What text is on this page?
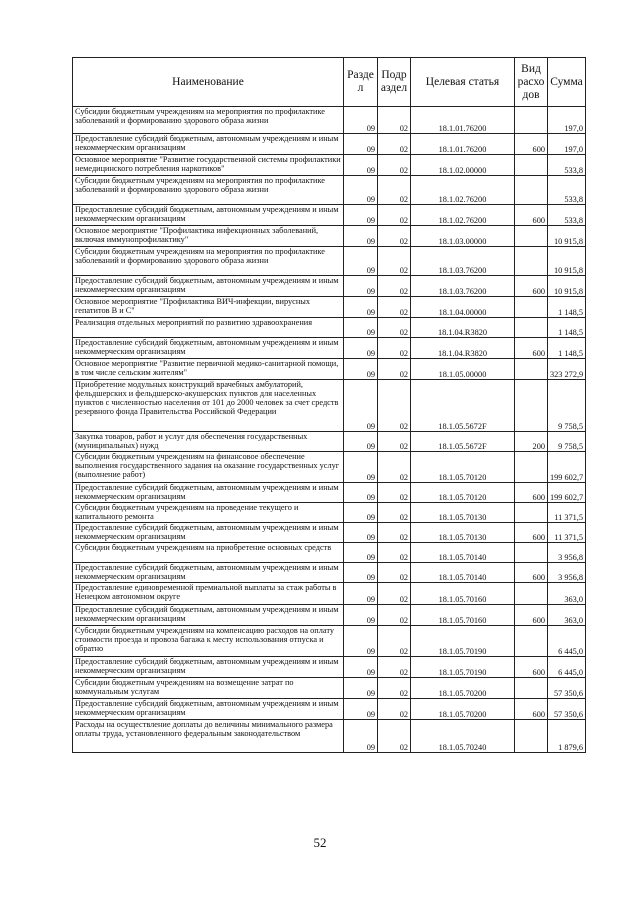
Наименование	Разде л	Подр аздел	Целевая статья	Вид расхо дов	Сумма
Субсидии бюджетным учреждениям на мероприятия по профилактике заболеваний и формированию здорового образа жизни	09	02	18.1.01.76200		197,0
Предоставление субсидий бюджетным, автономным учреждениям и иным некоммерческим организациям	09	02	18.1.01.76200	600	197,0
Основное мероприятие "Развитие государственной системы профилактики немедицинского потребления наркотиков"	09	02	18.1.02.00000		533,8
Субсидии бюджетным учреждениям на мероприятия по профилактике заболеваний и формированию здорового образа жизни	09	02	18.1.02.76200		533,8
Предоставление субсидий бюджетным, автономным учреждениям и иным некоммерческим организациям	09	02	18.1.02.76200	600	533,8
Основное мероприятие "Профилактика инфекционных заболеваний, включая иммунопрофилактику"	09	02	18.1.03.00000		10 915,8
Субсидии бюджетным учреждениям на мероприятия по профилактике заболеваний и формированию здорового образа жизни	09	02	18.1.03.76200		10 915,8
Предоставление субсидий бюджетным, автономным учреждениям и иным некоммерческим организациям	09	02	18.1.03.76200	600	10 915,8
Основное мероприятие "Профилактика ВИЧ-инфекции, вирусных гепатитов В и С"	09	02	18.1.04.00000		1 148,5
Реализация отдельных мероприятий по развитию здравоохранения	09	02	18.1.04.R3820		1 148,5
Предоставление субсидий бюджетным, автономным учреждениям и иным некоммерческим организациям	09	02	18.1.04.R3820	600	1 148,5
Основное мероприятие "Развитие первичной медико-санитарной помощи, в том числе сельским жителям"	09	02	18.1.05.00000		323 272,9
Приобретение модульных конструкций врачебных амбулаторий, фельдшерских и фельдшерско-акушерских пунктов для населенных пунктов с численностью населения от 101 до 2000 человек за счет средств резервного фонда Правительства Российской Федерации	09	02	18.1.05.5672F		9 758,5
Закупка товаров, работ и услуг для обеспечения государственных (муниципальных) нужд	09	02	18.1.05.5672F	200	9 758,5
Субсидии бюджетным учреждениям на финансовое обеспечение выполнения государственного задания на оказание государственных услуг (выполнение работ)	09	02	18.1.05.70120		199 602,7
Предоставление субсидий бюджетным, автономным учреждениям и иным некоммерческим организациям	09	02	18.1.05.70120	600	199 602,7
Субсидии бюджетным учреждениям на проведение текущего и капитального ремонта	09	02	18.1.05.70130		11 371,5
Предоставление субсидий бюджетным, автономным учреждениям и иным некоммерческим организациям	09	02	18.1.05.70130	600	11 371,5
Субсидии бюджетным учреждениям на приобретение основных средств	09	02	18.1.05.70140		3 956,8
Предоставление субсидий бюджетным, автономным учреждениям и иным некоммерческим организациям	09	02	18.1.05.70140	600	3 956,8
Предоставление единовременной премиальной выплаты за стаж работы в Ненецком автономном округе	09	02	18.1.05.70160		363,0
Предоставление субсидий бюджетным, автономным учреждениям и иным некоммерческим организациям	09	02	18.1.05.70160	600	363,0
Субсидии бюджетным учреждениям на компенсацию расходов на оплату стоимости проезда и провоза багажа к месту использования отпуска и обратно	09	02	18.1.05.70190		6 445,0
Предоставление субсидий бюджетным, автономным учреждениям и иным некоммерческим организациям	09	02	18.1.05.70190	600	6 445,0
Субсидии бюджетным учреждениям на возмещение затрат по коммунальным услугам	09	02	18.1.05.70200		57 350,6
Предоставление субсидий бюджетным, автономным учреждениям и иным некоммерческим организациям	09	02	18.1.05.70200	600	57 350,6
Расходы на осуществление доплаты до величины минимального размера оплаты труда, установленного федеральным законодательством	09	02	18.1.05.70240		1 879,6
52
